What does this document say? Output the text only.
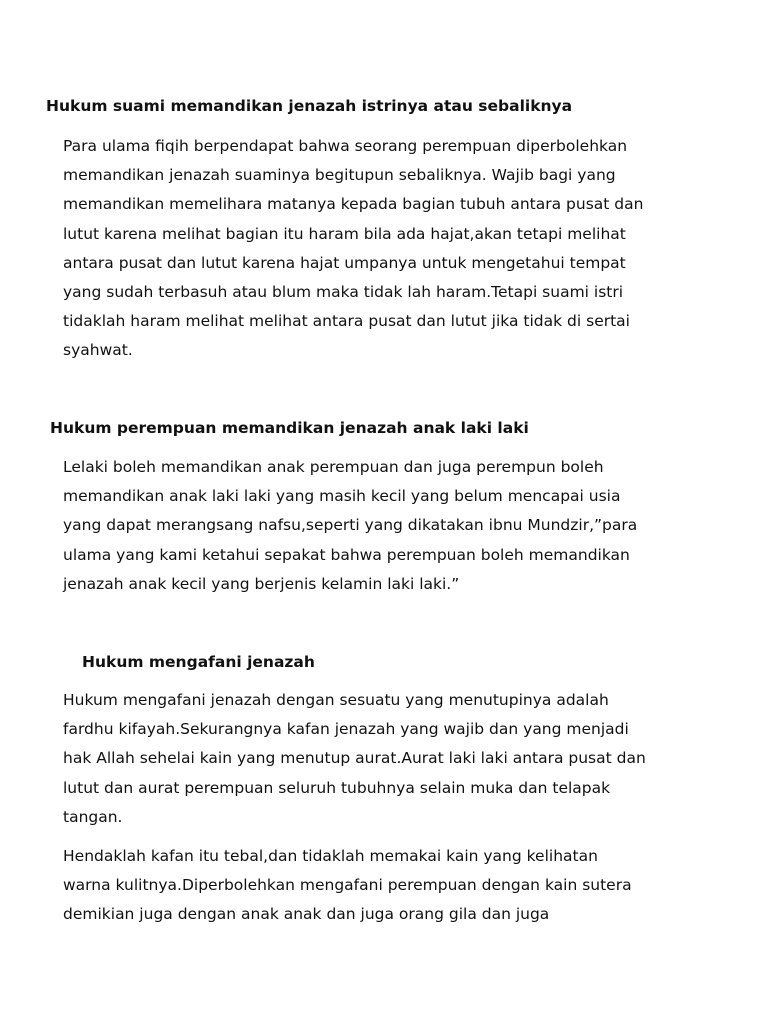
Hukum suami memandikan jenazah istrinya atau sebaliknya

Para ulama fiqih berpendapat bahwa seorang perempuan diperbolehkan
memandikan jenazah suaminya begitupun sebaliknya. Wajib bagi yang
memandikan memelihara matanya kepada bagian tubuh antara pusat dan
lutut karena melihat bagian itu haram bila ada hajat,akan tetapi melihat
antara pusat dan lutut karena hajat umpanya untuk mengetahui tempat
yang sudah terbasuh atau blum maka tidak lah haram.Tetapi suami istri
tidaklah haram melihat melihat antara pusat dan lutut jika tidak di sertai
syahwat.

Hukum perempuan memandikan jenazah anak laki laki

Lelaki boleh memandikan anak perempuan dan juga perempun boleh
memandikan anak laki laki yang masih kecil yang belum mencapai usia
yang dapat merangsang nafsu,seperti yang dikatakan ibnu Mundzir,”para
ulama yang kami ketahui sepakat bahwa perempuan boleh memandikan
jenazah anak kecil yang berjenis kelamin laki laki.”

Hukum mengafani jenazah

Hukum mengafani jenazah dengan sesuatu yang menutupinya adalah
fardhu kifayah.Sekurangnya kafan jenazah yang wajib dan yang menjadi
hak Allah sehelai kain yang menutup aurat.Aurat laki laki antara pusat dan
lutut dan aurat perempuan seluruh tubuhnya selain muka dan telapak
tangan.

Hendaklah kafan itu tebal,dan tidaklah memakai kain yang kelihatan
warna kulitnya.Diperbolehkan mengafani perempuan dengan kain sutera
demikian juga dengan anak anak dan juga orang gila dan juga
